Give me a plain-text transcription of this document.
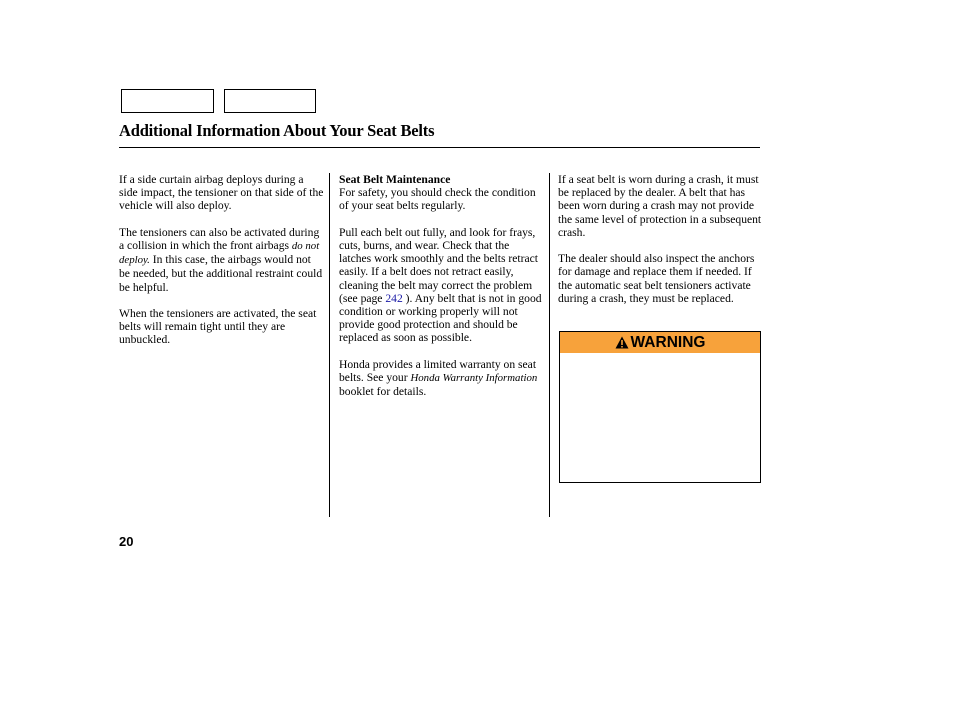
Additional Information About Your Seat Belts

If a side curtain airbag deploys during a side impact, the tensioner on that side of the vehicle will also deploy.

The tensioners can also be activated during a collision in which the front airbags do not deploy. In this case, the airbags would not be needed, but the additional restraint could be helpful.

When the tensioners are activated, the seat belts will remain tight until they are unbuckled.

Seat Belt Maintenance
For safety, you should check the condition of your seat belts regularly.

Pull each belt out fully, and look for frays, cuts, burns, and wear. Check that the latches work smoothly and the belts retract easily. If a belt does not retract easily, cleaning the belt may correct the problem (see page 242 ). Any belt that is not in good condition or working properly will not provide good protection and should be replaced as soon as possible.

Honda provides a limited warranty on seat belts. See your Honda Warranty Information booklet for details.

If a seat belt is worn during a crash, it must be replaced by the dealer. A belt that has been worn during a crash may not provide the same level of protection in a subsequent crash.

The dealer should also inspect the anchors for damage and replace them if needed. If the automatic seat belt tensioners activate during a crash, they must be replaced.

WARNING
20
